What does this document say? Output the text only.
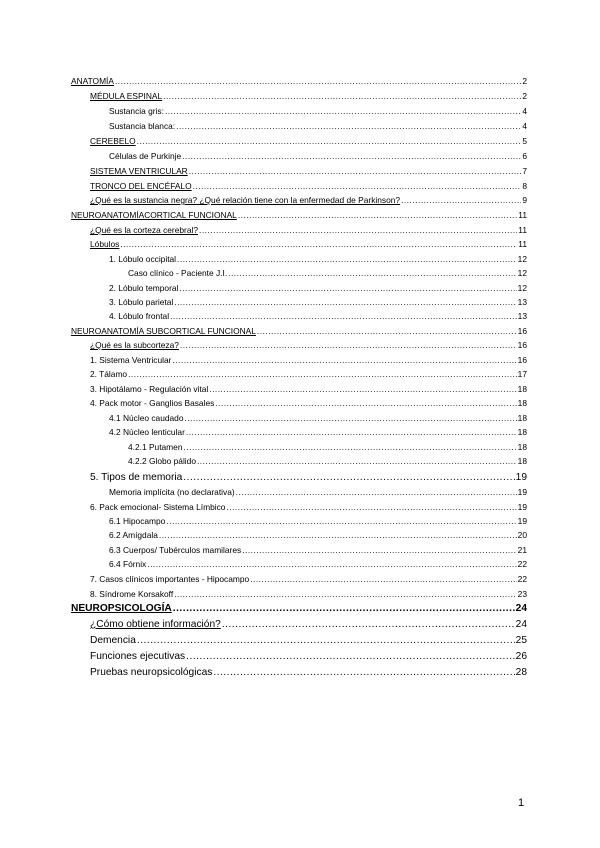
ANATOMÍA .....	2
MÉDULA ESPINAL .....	2
Sustancia gris: .....	4
Sustancia blanca: .....	4
CEREBELO .....	5
Células de Purkinje .....	6
SISTEMA VENTRICULAR .....	7
TRONCO DEL ENCÉFALO .....	8
¿Qué es la sustancia negra? ¿Qué relación tiene con la enfermedad de Parkinson? .....	9
NEUROANATOMÍACORTICAL FUNCIONAL .....	11
¿Qué es la corteza cerebral? .....	11
Lóbulos .....	11
1. Lóbulo occipital .....	12
Caso clínico - Paciente J.I. .....	12
2. Lóbulo temporal .....	12
3. Lóbulo parietal .....	13
4. Lóbulo frontal .....	13
NEUROANATOMÍA SUBCORTICAL FUNCIONAL .....	16
¿Qué es la subcorteza? .....	16
1. Sistema Ventricular .....	16
2. Tálamo .....	17
3. Hipotálamo - Regulación vital .....	18
4. Pack motor - Ganglios Basales .....	18
4.1 Núcleo caudado .....	18
4.2 Núcleo lenticular .....	18
4.2.1 Putamen .....	18
4.2.2 Globo pálido .....	18
5. Tipos de memoria .....	19
Memoria implícita (no declarativa) .....	19
6. Pack emocional- Sistema Límbico .....	19
6.1 Hipocampo .....	19
6.2 Amígdala .....	20
6.3 Cuerpos/ Tubérculos mamilares .....	21
6.4 Fórnix .....	22
7. Casos clínicos importantes - Hipocampo .....	22
8. Síndrome Korsakoff .....	23
NEUROPSICOLOGÍA .....	24
¿Cómo obtiene información? .....	24
Demencia .....	25
Funciones ejecutivas .....	26
Pruebas neuropsicológicas .....	28
1
